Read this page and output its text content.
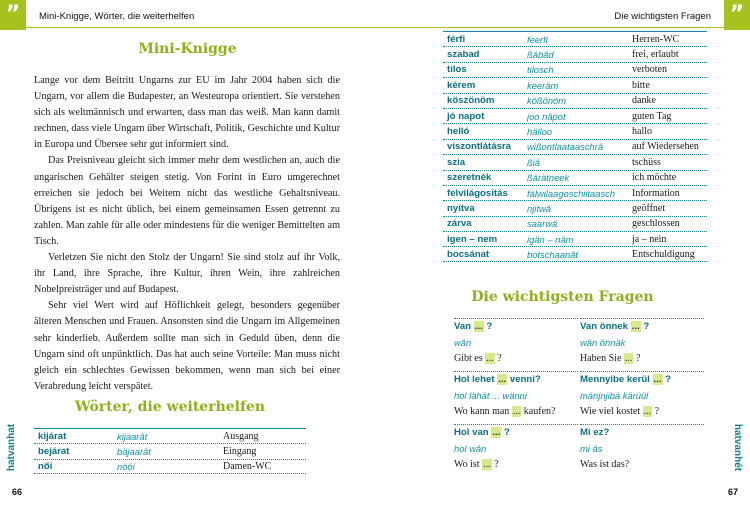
”	Mini-Knigge, Wörter, die weiterhelfen
Mini-Knigge

Lange vor dem Beitritt Ungarns zur EU im Jahr 2004 haben sich die Ungarn, vor allem die Budapester, an Westeuropa orientiert. Sie verstehen sich als weltmännisch und erwarten, dass man das weiß. Man kann damit rechnen, dass viele Ungarn über Wirtschaft, Politik, Geschichte und Kultur in Europa und Übersee sehr gut informiert sind.

Das Preisniveau gleicht sich immer mehr dem westlichen an, auch die ungarischen Gehälter steigen stetig. Von Forint in Euro umgerechnet erreichen sie jedoch bei Weitem nicht das westliche Gehaltsniveau. Übrigens ist es nicht üblich, bei einem gemeinsamen Essen getrennt zu zahlen. Man zahle für alle oder mindestens für die weniger Bemittelten am Tisch.

Verletzen Sie nicht den Stolz der Ungarn! Sie sind stolz auf ihr Volk, ihr Land, ihre Sprache, ihre Kultur, ihren Wein, ihre zahlreichen Nobelpreisträger und auf Budapest.

Sehr viel Wert wird auf Höflichkeit gelegt, besonders gegenüber älteren Menschen und Frauen. Ansonsten sind die Ungarn im Allgemeinen sehr kinderlieb. Außerdem sollte man sich in Geduld üben, denn die Ungarn sind oft unpünktlich. Das hat auch seine Vorteile: Man muss nicht gleich ein schlechtes Gewissen bekommen, wenn man sich bei einer Verabredung leicht verspätet.

Wörter, die weiterhelfen
kijárat	kijaarât	Ausgang
bejárat	bäjaarât	Eingang
női	nööi	Damen-WC
hatvanhat
66
”
Die wichtigsten Fragen
férfi	feerfi	Herren-WC
szabad	ßâbâd	frei, erlaubt
tilos	tilosch	verboten
kérem	keeräm	bitte
köszönöm	kößönöm	danke
jó napot	joo nâpot	guten Tag
helló	hälloo	hallo
viszontlátásra	wißontlaataaschrâ	auf Wiedersehen
szia	ßiâ	tschüss
szeretnék	ßärätneek	ich möchte
felvilágosítás	fälwilaagoschiitaasch	Information
nyitva	njitwâ	geöffnet
zárva	saarwâ	geschlossen
igen – nem	igän – näm	ja – nein
bocsánat	botschaanât	Entschuldigung
Die wichtigsten Fragen
Van ... ?
wân
Gibt es ... ?
Van önnek ... ?
wân önnäk
Haben Sie ... ?
Hol lehet ... venni?
hol lähät ... wänni
Wo kann man ... kaufen?
Mennyibe kerül ... ?
mänjnjibä kärüül
Wie viel kostet ... ?
Hol van ... ?
hol wân
Wo ist ... ?
Mi ez?
mi äs
Was ist das?	hatvanhét
67
